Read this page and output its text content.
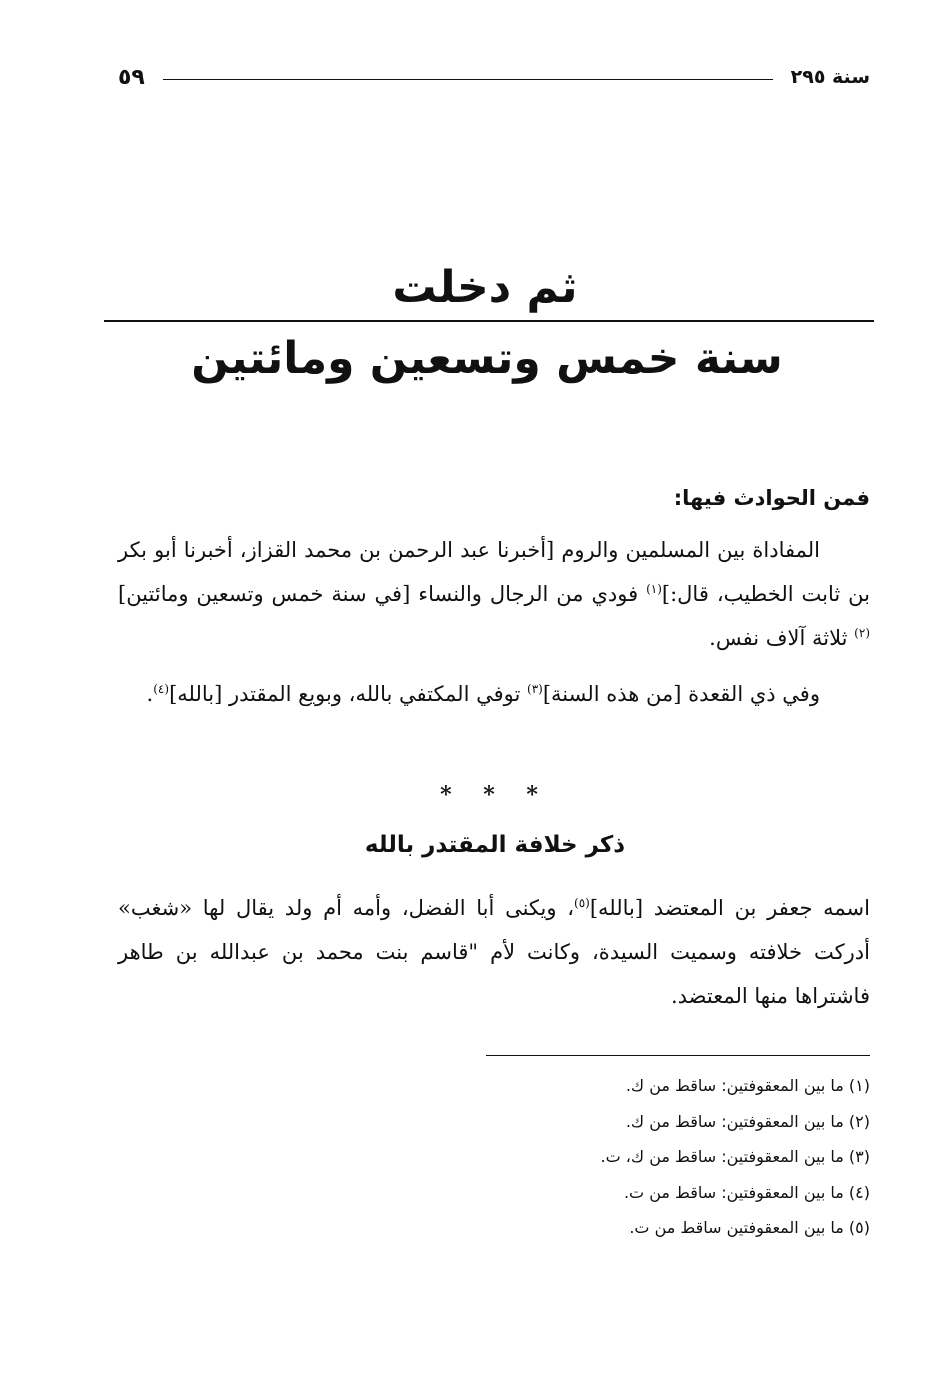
سنة ٢٩٥
٥٩
ثم دخلت
سنة خمس وتسعين ومائتين
فمن الحوادث فيها:

المفاداة بين المسلمين والروم [أخبرنا عبد الرحمن بن محمد القزاز، أخبرنا أبو بكر بن ثابت الخطيب، قال:]$^{(١)}$ فودي من الرجال والنساء [في سنة خمس وتسعين ومائتين]$^{(٢)}$ ثلاثة آلاف نفس.

وفي ذي القعدة [من هذه السنة]$^{(٣)}$ توفي المكتفي بالله، وبويع المقتدر [بالله]$^{(٤)}$.

* * *
ذكر خلافة المقتدر بالله

اسمه جعفر بن المعتضد [بالله]$^{(٥)}$، ويكنى أبا الفضل، وأمه أم ولد يقال لها «شغب» أدركت خلافته وسميت السيدة، وكانت لأم "قاسم بنت محمد بن عبدالله بن طاهر فاشتراها منها المعتضد.

(١) ما بين المعقوفتين: ساقط من ك.
(٢) ما بين المعقوفتين: ساقط من ك.
(٣) ما بين المعقوفتين: ساقط من ك، ت.
(٤) ما بين المعقوفتين: ساقط من ت.
(٥) ما بين المعقوفتين ساقط من ت.
